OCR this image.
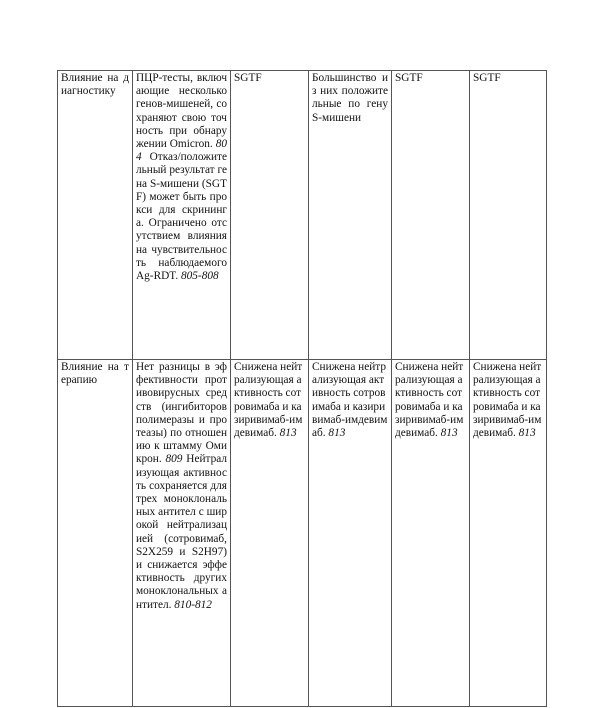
Влияние на диагностику	ПЦР-тесты, включающие несколько генов-мишеней, сохраняют свою точность при обнаружении Omicron. 804 Отказ/положительный результат гена S-мишени (SGTF) может быть прокси для скрининга. Ограничено отсутствием влияния на чувствительность наблюдаемого Ag-RDT. 805-808	SGTF	Большинство из них положительные по гену S-мишени	SGTF	SGTF
Влияние на терапию	Нет разницы в эффективности противовирусных средств (ингибиторов полимеразы и протеазы) по отношению к штамму Омикрон. 809 Нейтрализующая активность сохраняется для трех моноклональных антител с широкой нейтрализацией (сотровимаб, S2X259 и S2H97) и снижается эффективность других моноклональных антител. 810-812	Снижена нейтрализующая активность сотровимаба и казиривимаб-имдевимаб. 813	Снижена нейтрализующая активность сотровимаба и казиривимаб-имдевимаб. 813	Снижена нейтрализующая активность сотровимаба и казиривимаб-имдевимаб. 813	Снижена нейтрализующая активность сотровимаба и казиривимаб-имдевимаб. 813
